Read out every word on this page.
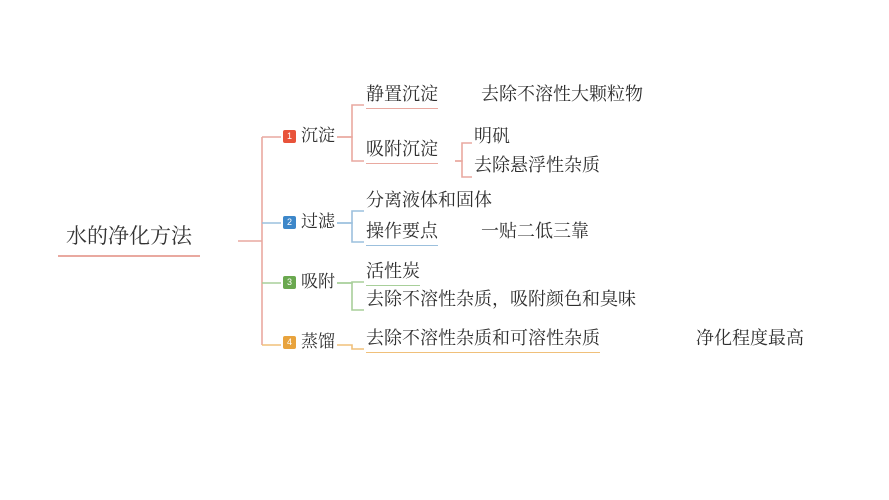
水的净化方法
1 沉淀
静置沉淀 去除不溶性大颗粒物
吸附沉淀
明矾
去除悬浮性杂质
2 过滤
分离液体和固体
操作要点 一贴二低三靠
3 吸附
活性炭
去除不溶性杂质，吸附颜色和臭味
4 蒸馏 去除不溶性杂质和可溶性杂质	净化程度最高
